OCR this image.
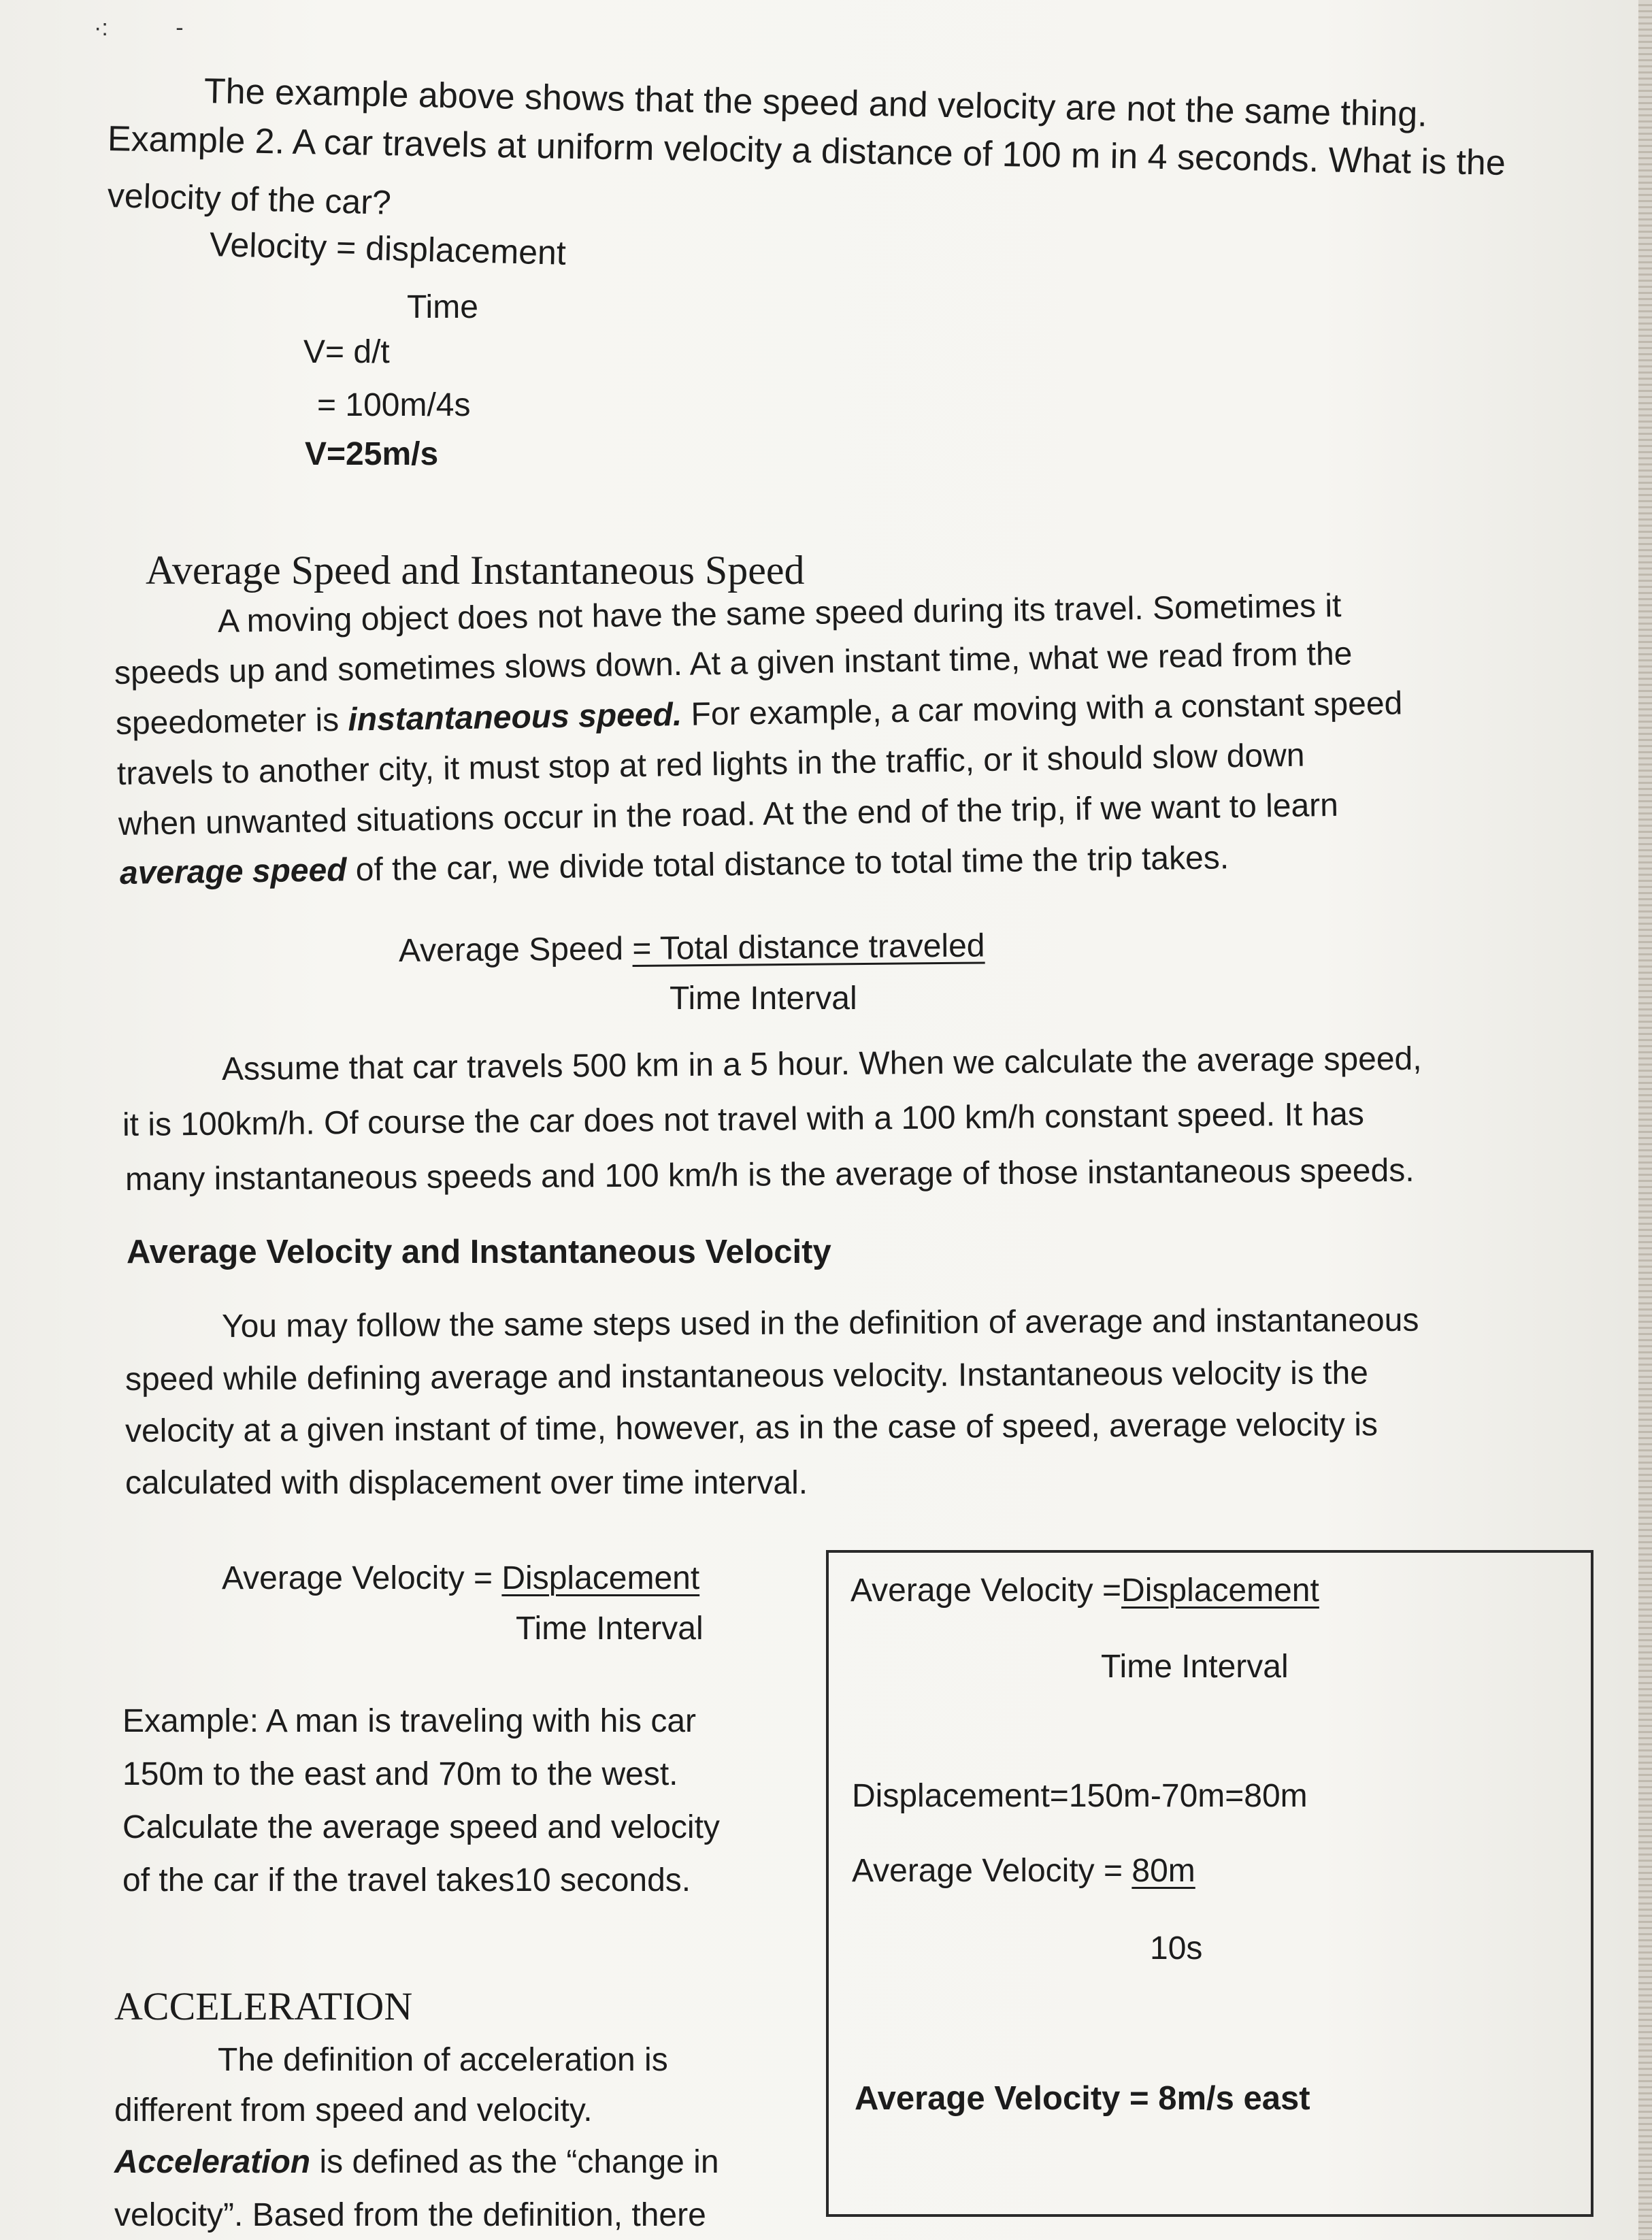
·:	-
The example above shows that the speed and velocity are not the same thing.
Example 2. A car travels at uniform velocity a distance of 100 m in 4 seconds. What is the
velocity of the car?
Velocity = displacement
Time
V= d/t
= 100m/4s
V=25m/s
Average Speed and Instantaneous Speed
A moving object does not have the same speed during its travel. Sometimes it
speeds up and sometimes slows down. At a given instant time, what we read from the
speedometer is instantaneous speed. For example, a car moving with a constant speed
travels to another city, it must stop at red lights in the traffic, or it should slow down
when unwanted situations occur in the road. At the end of the trip, if we want to learn
average speed of the car, we divide total distance to total time the trip takes.
Average Speed = Total distance traveled
Time Interval
Assume that car travels 500 km in a 5 hour. When we calculate the average speed,
it is 100km/h. Of course the car does not travel with a 100 km/h constant speed. It has
many instantaneous speeds and 100 km/h is the average of those instantaneous speeds.
Average Velocity and Instantaneous Velocity
You may follow the same steps used in the definition of average and instantaneous
speed while defining average and instantaneous velocity. Instantaneous velocity is the
velocity at a given instant of time, however, as in the case of speed, average velocity is
calculated with displacement over time interval.
Average Velocity = Displacement
Time Interval
Example: A man is traveling with his car
150m to the east and 70m to the west.
Calculate the average speed and velocity
of the car if the travel takes10 seconds.
Average Velocity =Displacement
Time Interval
Displacement=150m-70m=80m
Average Velocity = 80m
10s
Average Velocity = 8m/s east
ACCELERATION
The definition of acceleration is
different from speed and velocity.
Acceleration is defined as the “change in
velocity”. Based from the definition, there
